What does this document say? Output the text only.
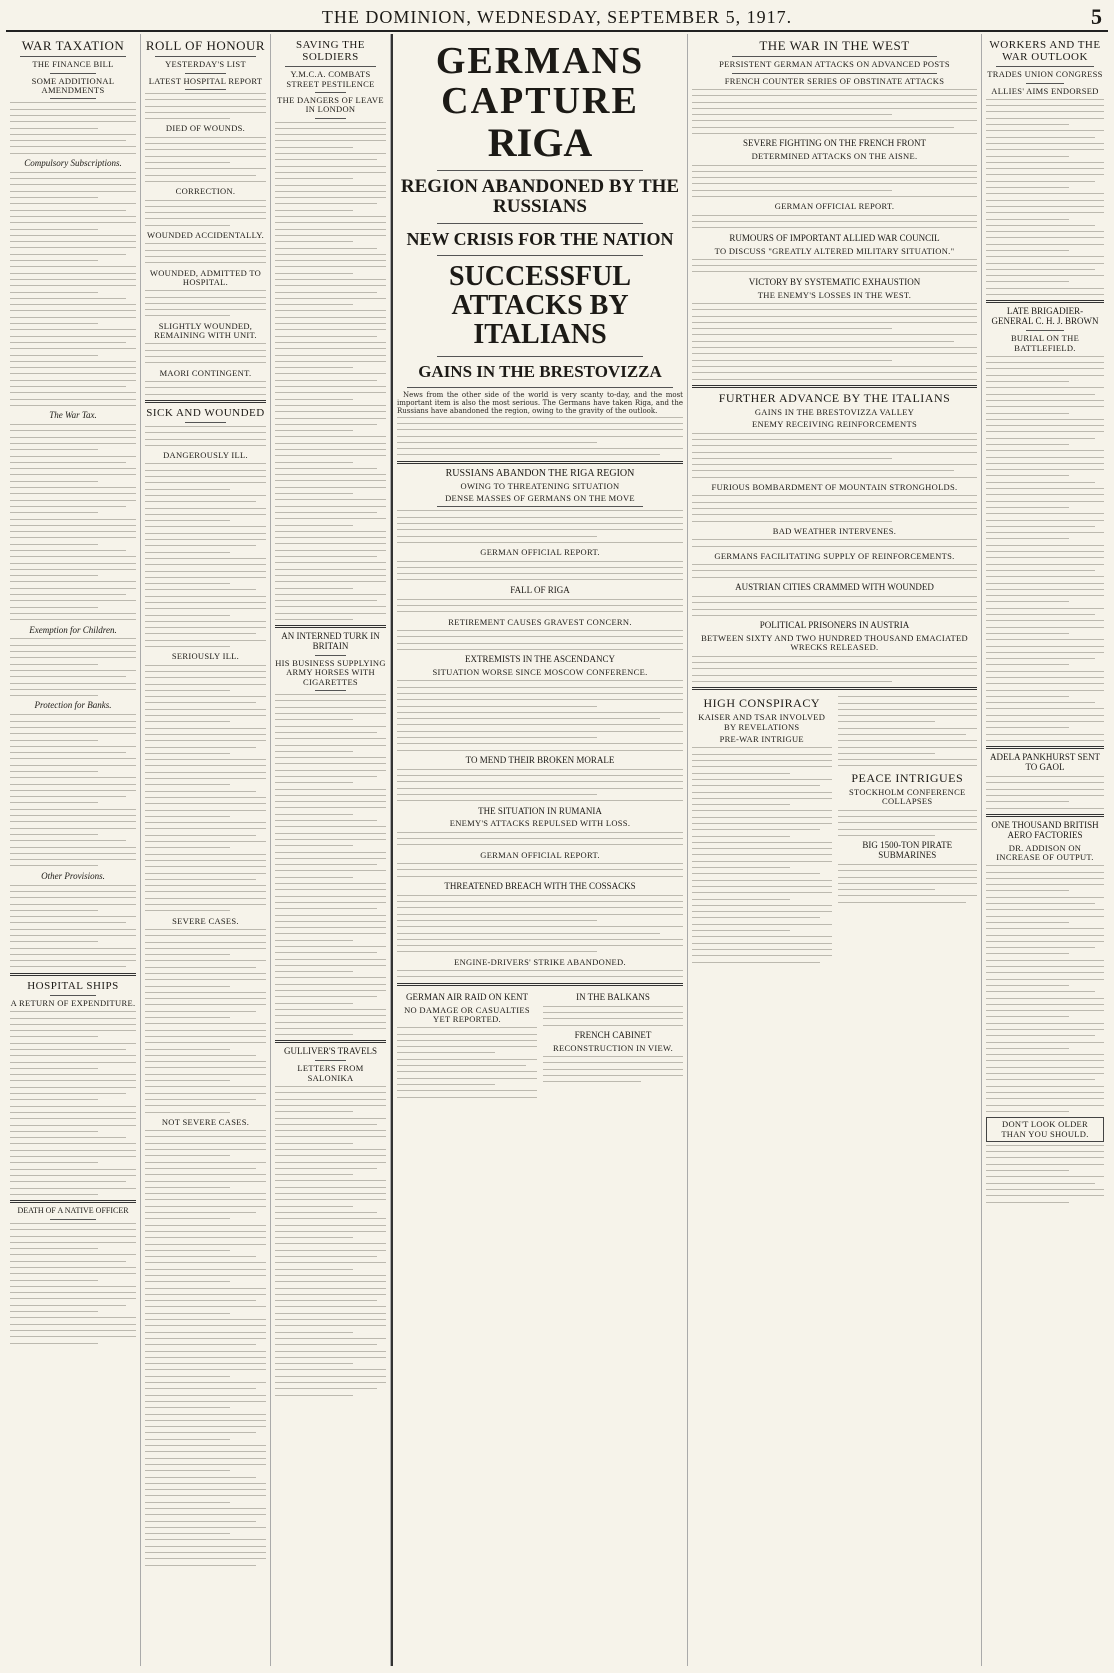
THE DOMINION, WEDNESDAY, SEPTEMBER 5, 1917.	5
WAR TAXATION
THE FINANCE BILL
SOME ADDITIONAL AMENDMENTS
Compulsory Subscriptions.
The War Tax.
Exemption for Children.
Protection for Banks.
Other Provisions.
HOSPITAL SHIPS
A RETURN OF EXPENDITURE.
DEATH OF A NATIVE OFFICER
ROLL OF HONOUR
YESTERDAY'S LIST
LATEST HOSPITAL REPORT
DIED OF WOUNDS.
CORRECTION.
WOUNDED ACCIDENTALLY.
WOUNDED, ADMITTED TO HOSPITAL.
SLIGHTLY WOUNDED, REMAINING WITH UNIT.
MAORI CONTINGENT.
SICK AND WOUNDED
DANGEROUSLY ILL.
SERIOUSLY ILL.
SEVERE CASES.
NOT SEVERE CASES.
SAVING THE SOLDIERS
Y.M.C.A. COMBATS STREET PESTILENCE
THE DANGERS OF LEAVE IN LONDON
AN INTERNED TURK IN BRITAIN
HIS BUSINESS SUPPLYING ARMY HORSES WITH CIGARETTES
GULLIVER'S TRAVELS
LETTERS FROM SALONIKA
GERMANS CAPTURE
RIGA
REGION ABANDONED BY THE RUSSIANS
NEW CRISIS FOR THE NATION
SUCCESSFUL ATTACKS BY ITALIANS
GAINS IN THE BRESTOVIZZA

News from the other side of the world is very scanty to-day, and the most important item is also the most serious. The Germans have taken Riga, and the Russians have abandoned the region, owing to the gravity of the outlook.

RUSSIANS ABANDON THE RIGA REGION
OWING TO THREATENING SITUATION
DENSE MASSES OF GERMANS ON THE MOVE
GERMAN OFFICIAL REPORT.
FALL OF RIGA
RETIREMENT CAUSES GRAVEST CONCERN.
EXTREMISTS IN THE ASCENDANCY
SITUATION WORSE SINCE MOSCOW CONFERENCE.
TO MEND THEIR BROKEN MORALE
THE SITUATION IN RUMANIA
ENEMY'S ATTACKS REPULSED WITH LOSS.
GERMAN OFFICIAL REPORT.
THREATENED BREACH WITH THE COSSACKS
ENGINE-DRIVERS' STRIKE ABANDONED.
GERMAN AIR RAID ON KENT
NO DAMAGE OR CASUALTIES YET REPORTED.
IN THE BALKANS
FRENCH CABINET
RECONSTRUCTION IN VIEW.
THE WAR IN THE WEST
PERSISTENT GERMAN ATTACKS ON ADVANCED POSTS
FRENCH COUNTER SERIES OF OBSTINATE ATTACKS
SEVERE FIGHTING ON THE FRENCH FRONT
DETERMINED ATTACKS ON THE AISNE.
GERMAN OFFICIAL REPORT.
RUMOURS OF IMPORTANT ALLIED WAR COUNCIL
TO DISCUSS "GREATLY ALTERED MILITARY SITUATION."
VICTORY BY SYSTEMATIC EXHAUSTION
THE ENEMY'S LOSSES IN THE WEST.
FURTHER ADVANCE BY THE ITALIANS
GAINS IN THE BRESTOVIZZA VALLEY
ENEMY RECEIVING REINFORCEMENTS
FURIOUS BOMBARDMENT OF MOUNTAIN STRONGHOLDS.
BAD WEATHER INTERVENES.
GERMANS FACILITATING SUPPLY OF REINFORCEMENTS.
AUSTRIAN CITIES CRAMMED WITH WOUNDED
POLITICAL PRISONERS IN AUSTRIA
BETWEEN SIXTY AND TWO HUNDRED THOUSAND EMACIATED WRECKS RELEASED.
HIGH CONSPIRACY
KAISER AND TSAR INVOLVED BY REVELATIONS
PRE-WAR INTRIGUE
PEACE INTRIGUES
STOCKHOLM CONFERENCE COLLAPSES
BIG 1500-TON PIRATE SUBMARINES
WORKERS AND THE WAR OUTLOOK
TRADES UNION CONGRESS
ALLIES' AIMS ENDORSED
LATE BRIGADIER-GENERAL C. H. J. BROWN
BURIAL ON THE BATTLEFIELD.
ADELA PANKHURST SENT TO GAOL
ONE THOUSAND BRITISH AERO FACTORIES
DR. ADDISON ON INCREASE OF OUTPUT.
DON'T LOOK OLDER THAN YOU SHOULD.
